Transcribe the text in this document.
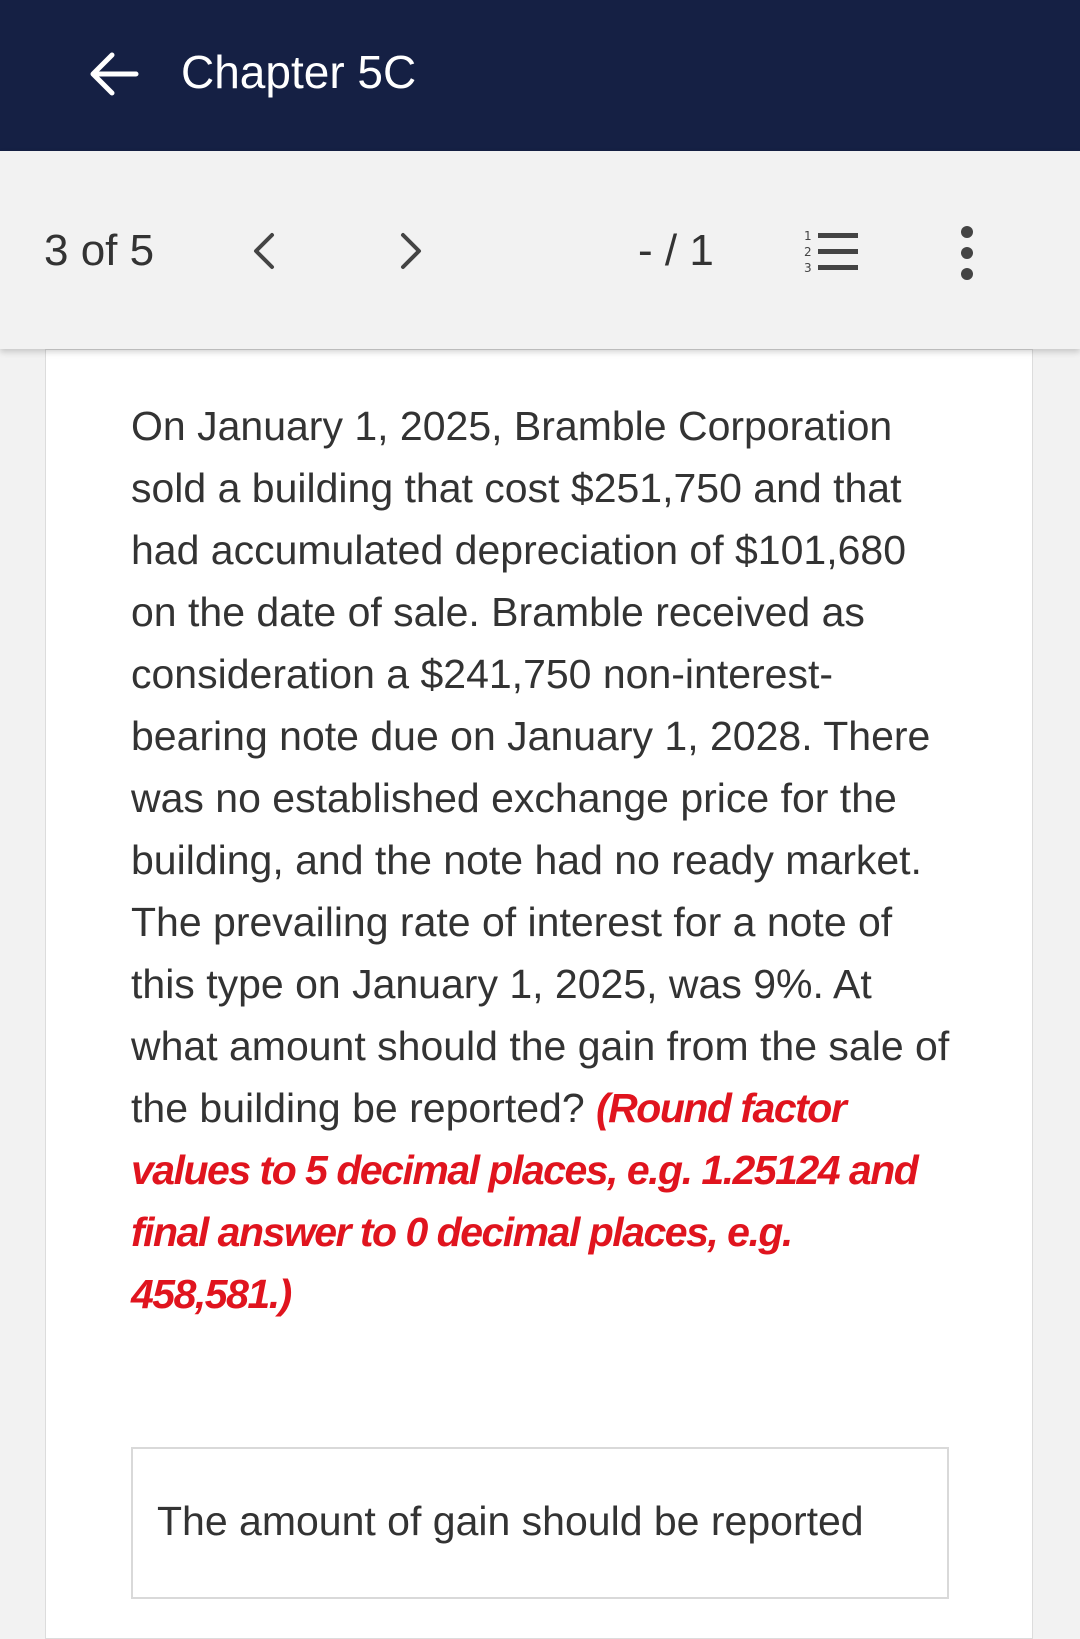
Chapter 5C
3 of 5	- / 1	1
2
3

On January 1, 2025, Bramble Corporation sold a building that cost $251,750 and that had accumulated depreciation of $101,680 on the date of sale. Bramble received as consideration a $241,750 non-interest-bearing note due on January 1, 2028. There was no established exchange price for the building, and the note had no ready market. The prevailing rate of interest for a note of this type on January 1, 2025, was 9%. At what amount should the gain from the sale of the building be reported? (Round factor values to 5 decimal places, e.g. 1.25124 and final answer to 0 decimal places, e.g. 458,581.)

The amount of gain should be reported
